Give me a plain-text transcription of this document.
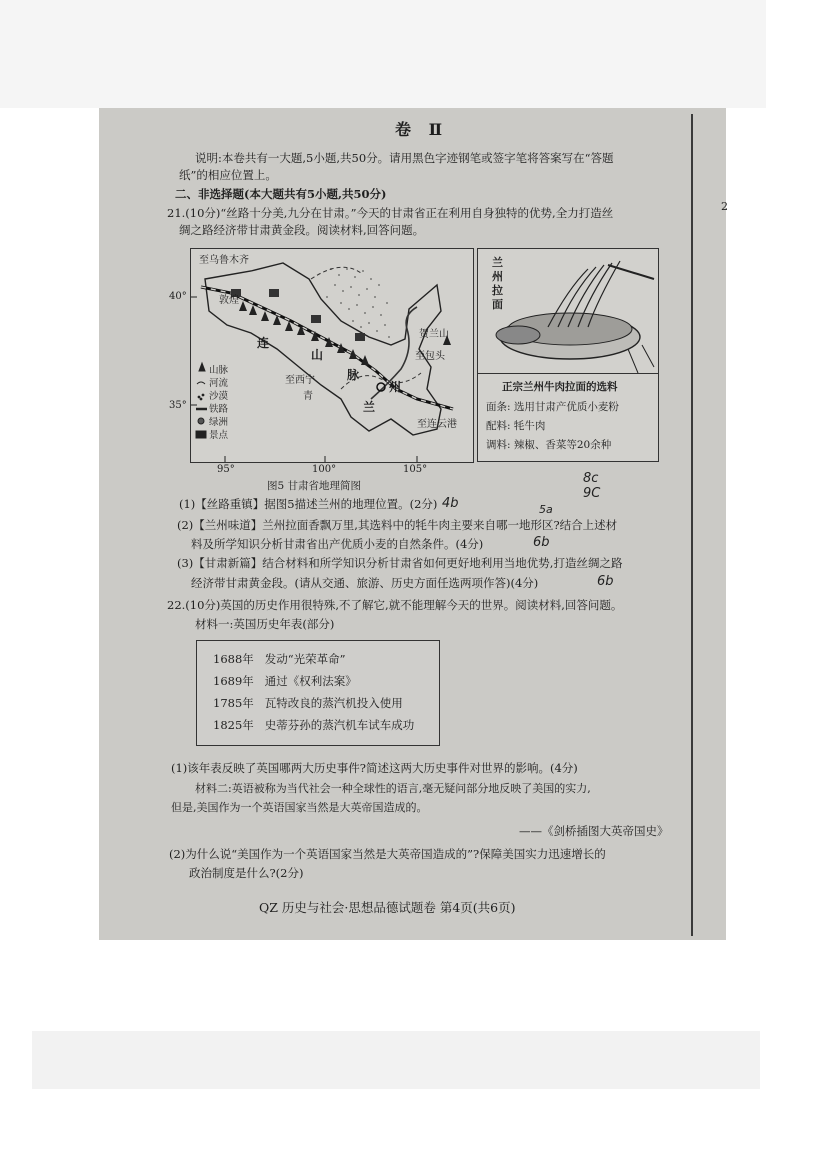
2
卷 Ⅱ
说明:本卷共有一大题,5小题,共50分。请用黑色字迹钢笔或签字笔将答案写在“答题
纸”的相应位置上。
二、非选择题(本大题共有5小题,共50分)
21.(10分)“丝路十分美,九分在甘肃。”今天的甘肃省正在利用自身独特的优势,全力打造丝
绸之路经济带甘肃黄金段。阅读材料,回答问题。
至乌鲁木齐
敦煌
连
山
脉
贺兰山
至包头
至西宁
青
兰
州
至连云港
山脉
河流
沙漠
铁路
绿洲
景点
40°
35°
95°	100°	105°
图5 甘肃省地理简图
兰
州
拉
面
正宗兰州牛肉拉面的选料
面条: 选用甘肃产优质小麦粉
配料: 牦牛肉
调料: 辣椒、香菜等20余种
8c
9C
4b	5a
6b
6b
(1)【丝路重镇】据图5描述兰州的地理位置。(2分)
(2)【兰州味道】兰州拉面香飘万里,其选料中的牦牛肉主要来自哪一地形区?结合上述材
料及所学知识分析甘肃省出产优质小麦的自然条件。(4分)
(3)【甘肃新篇】结合材料和所学知识分析甘肃省如何更好地利用当地优势,打造丝绸之路
经济带甘肃黄金段。(请从交通、旅游、历史方面任选两项作答)(4分)
22.(10分)英国的历史作用很特殊,不了解它,就不能理解今天的世界。阅读材料,回答问题。
材料一:英国历史年表(部分)
1688年 发动“光荣革命”
1689年 通过《权利法案》
1785年 瓦特改良的蒸汽机投入使用
1825年 史蒂芬孙的蒸汽机车试车成功
(1)该年表反映了英国哪两大历史事件?简述这两大历史事件对世界的影响。(4分)
材料二:英语被称为当代社会一种全球性的语言,毫无疑问部分地反映了美国的实力,
但是,美国作为一个英语国家当然是大英帝国造成的。
——《剑桥插图大英帝国史》
(2)为什么说“美国作为一个英语国家当然是大英帝国造成的”?保障美国实力迅速增长的
政治制度是什么?(2分)
QZ 历史与社会·思想品德试题卷 第4页(共6页)
